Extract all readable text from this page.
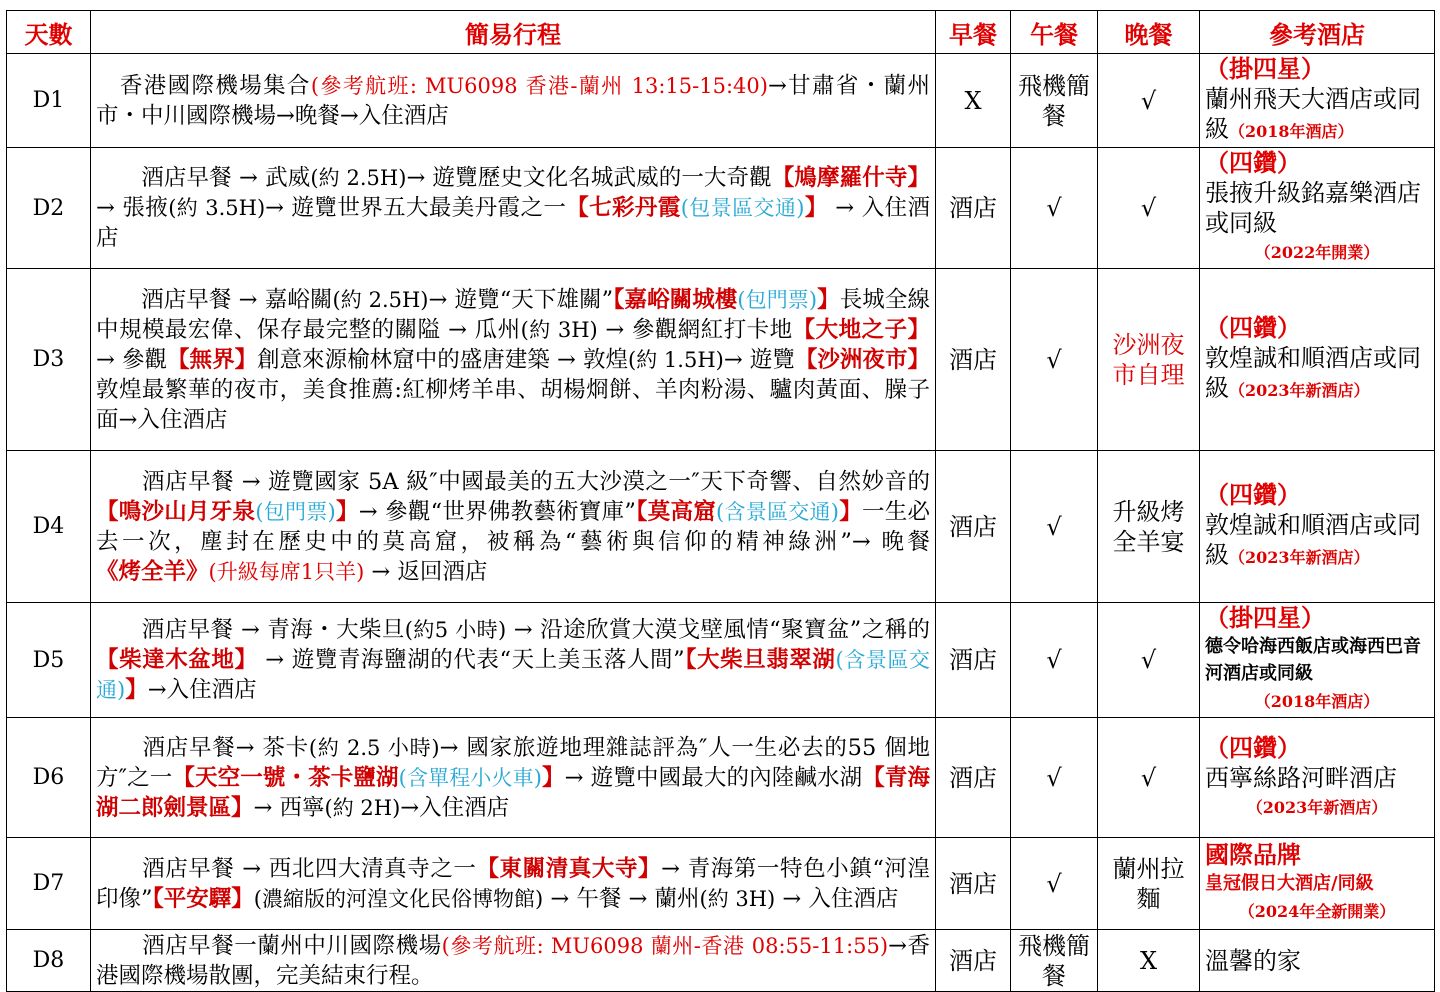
天數	簡易行程	早餐	午餐	晚餐	參考酒店
D1	　香港國際機場集合(參考航班: MU6098 香港-蘭州 13:15-15:40)→甘肅省・蘭州市・中川國際機場→晚餐→入住酒店	X	飛機簡餐	√	（掛四星）
蘭州飛天大酒店或同級（2018年酒店）
D2	　　酒店早餐 → 武威(約 2.5H)→ 遊覽歷史文化名城武威的一大奇觀【鳩摩羅什寺】→ 張掖(約 3.5H)→ 遊覽世界五大最美丹霞之一【七彩丹霞(包景區交通)】 → 入住酒店	酒店	√	√	（四鑽）
張掖升級銘嘉樂酒店或同級
（2022年開業）

D3	　　酒店早餐 → 嘉峪關(約 2.5H)→ 遊覽“天下雄關”【嘉峪關城樓(包門票)】長城全線中規模最宏偉、保存最完整的關隘 → 瓜州(約 3H) → 參觀網紅打卡地【大地之子】→ 參觀【無界】創意來源榆林窟中的盛唐建築 → 敦煌(約 1.5H)→ 遊覽【沙洲夜市】敦煌最繁華的夜市，美食推薦:紅柳烤羊串、胡楊烱餅、羊肉粉湯、驢肉黃面、臊子面→入住酒店	酒店	√	沙洲夜市自理	（四鑽）
敦煌誠和順酒店或同級（2023年新酒店）
D4	　　酒店早餐 → 遊覽國家 5A 級″中國最美的五大沙漠之一″天下奇響、自然妙音的【鳴沙山月牙泉(包門票)】→ 參觀“世界佛教藝術寶庫”【莫高窟(含景區交通)】一生必去一次，塵封在歷史中的莫高窟，被稱為“藝術與信仰的精神綠洲”→ 晚餐《烤全羊》(升級每席1只羊) → 返回酒店	酒店	√	升級烤全羊宴	（四鑽）
敦煌誠和順酒店或同級（2023年新酒店）
D5	　　酒店早餐 → 青海・大柴旦(約5 小時) → 沿途欣賞大漠戈壁風情“聚寶盆”之稱的【柴達木盆地】 → 遊覽青海鹽湖的代表“天上美玉落人間”【大柴旦翡翠湖(含景區交通)】→入住酒店	酒店	√	√	（掛四星）
德令哈海西飯店或海西巴音河酒店或同級
（2018年酒店）

D6	　　酒店早餐→ 茶卡(約 2.5 小時)→ 國家旅遊地理雜誌評為″人一生必去的55 個地方″之一【天空一號・茶卡鹽湖(含單程小火車)】→ 遊覽中國最大的內陸鹹水湖【青海湖二郎劍景區】→ 西寧(約 2H)→入住酒店	酒店	√	√	（四鑽）
西寧絲路河畔酒店
（2023年新酒店）

D7	　　酒店早餐 → 西北四大清真寺之一【東關清真大寺】→ 青海第一特色小鎮“河湟印像”【平安驛】(濃縮版的河湟文化民俗博物館) → 午餐 → 蘭州(約 3H) → 入住酒店	酒店	√	蘭州拉麵	國際品牌
皇冠假日大酒店/同級
（2024年全新開業）

D8	　　酒店早餐一蘭州中川國際機場(參考航班: MU6098 蘭州-香港 08:55-11:55)→香港國際機場散團，完美結束行程。	酒店	飛機簡餐	X	溫馨的家
